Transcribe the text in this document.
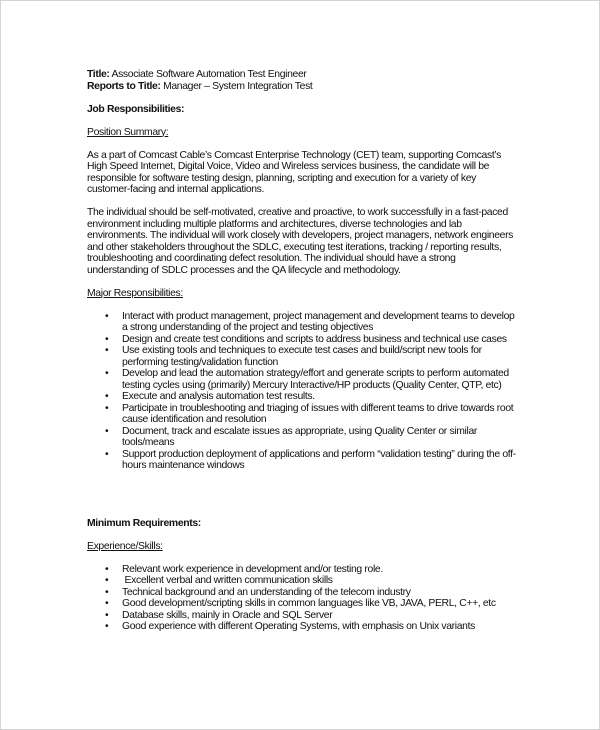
Title: Associate Software Automation Test Engineer

Reports to Title: Manager – System Integration Test

Job Responsibilities:

Position Summary:

As a part of Comcast Cable’s Comcast Enterprise Technology (CET) team, supporting Comcast’s High Speed Internet, Digital Voice, Video and Wireless services business, the candidate will be responsible for software testing design, planning, scripting and execution for a variety of key customer-facing and internal applications.

The individual should be self-motivated, creative and proactive, to work successfully in a fast-paced environment including multiple platforms and architectures, diverse technologies and lab environments. The individual will work closely with developers, project managers, network engineers and other stakeholders throughout the SDLC, executing test iterations, tracking / reporting results, troubleshooting and coordinating defect resolution. The individual should have a strong understanding of SDLC processes and the QA lifecycle and methodology.

Major Responsibilities:

• Interact with product management, project management and development teams to develop a strong understanding of the project and testing objectives
• Design and create test conditions and scripts to address business and technical use cases
• Use existing tools and techniques to execute test cases and build/script new tools for performing testing/validation function
• Develop and lead the automation strategy/effort and generate scripts to perform automated testing cycles using (primarily) Mercury Interactive/HP products (Quality Center, QTP, etc)
• Execute and analysis automation test results.
• Participate in troubleshooting and triaging of issues with different teams to drive towards root cause identification and resolution
• Document, track and escalate issues as appropriate, using Quality Center or similar tools/means
• Support production deployment of applications and perform “validation testing” during the off-hours maintenance windows

Minimum Requirements:

Experience/Skills:

• Relevant work experience in development and/or testing role.
•  Excellent verbal and written communication skills
• Technical background and an understanding of the telecom industry
• Good development/scripting skills in common languages like VB, JAVA, PERL, C++, etc
• Database skills, mainly in Oracle and SQL Server
• Good experience with different Operating Systems, with emphasis on Unix variants
